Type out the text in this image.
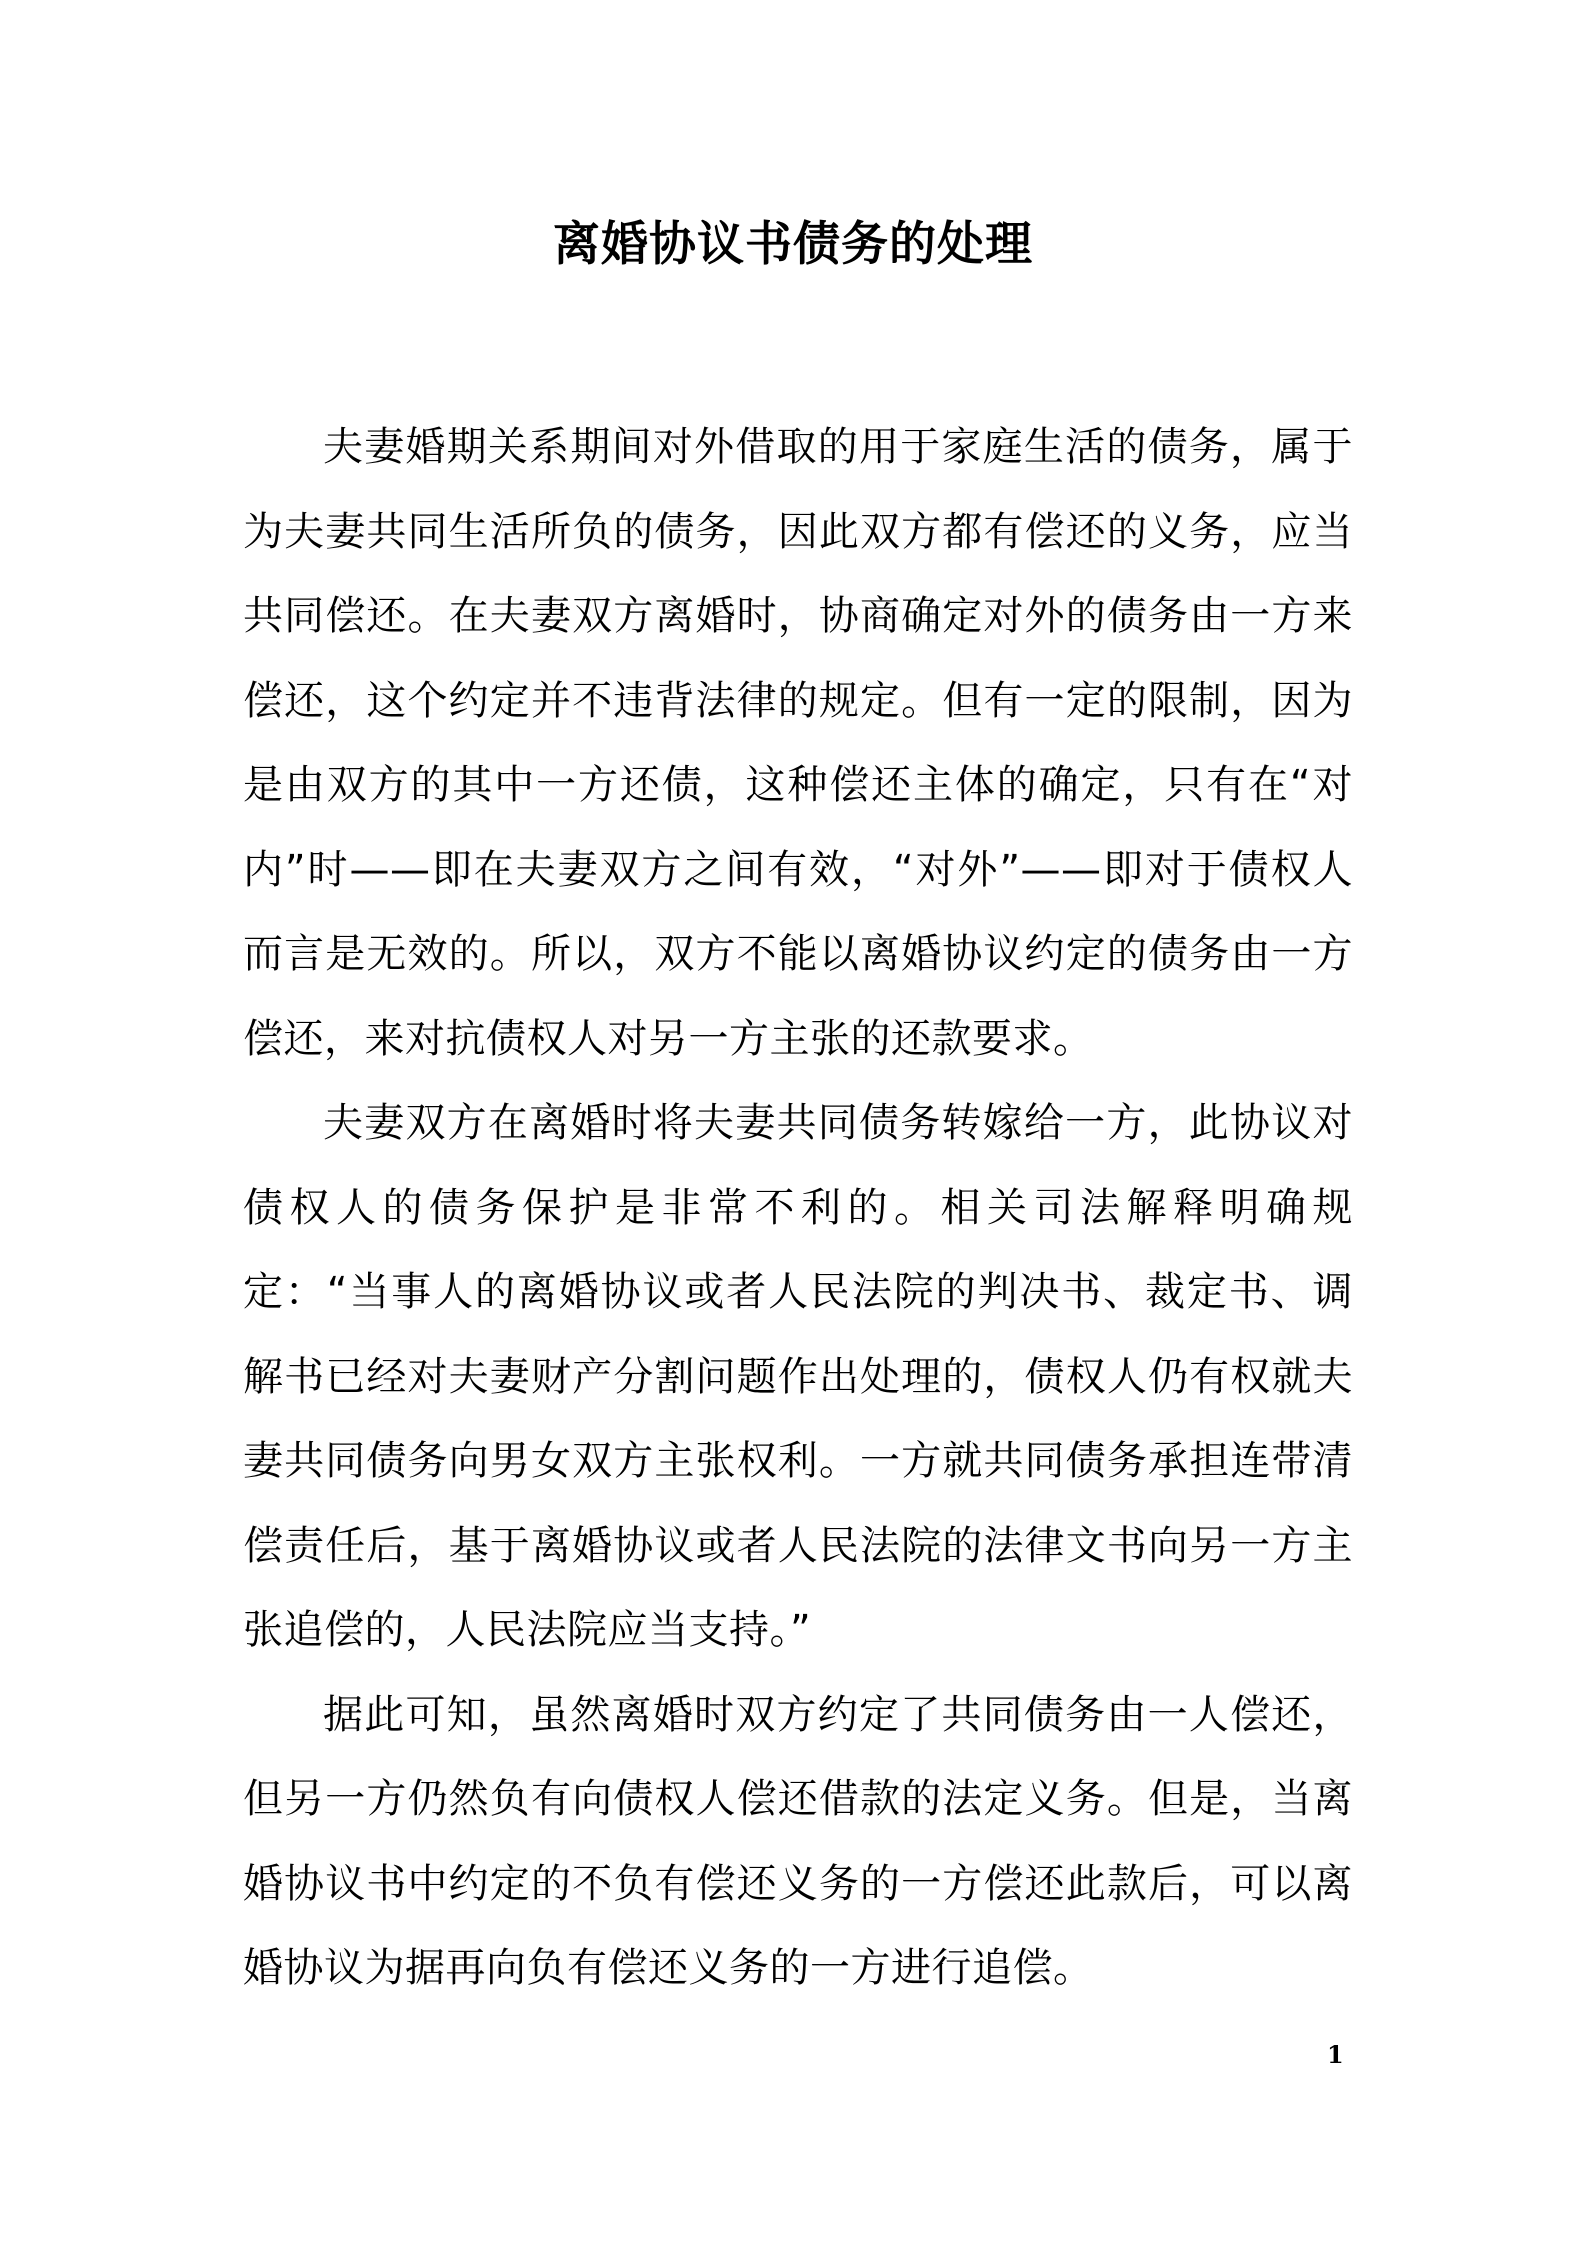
离婚协议书债务的处理

夫妻婚期关系期间对外借取的用于家庭生活的债务，属于为夫妻共同生活所负的债务，因此双方都有偿还的义务，应当共同偿还。在夫妻双方离婚时，协商确定对外的债务由一方来偿还，这个约定并不违背法律的规定。但有一定的限制，因为是由双方的其中一方还债，这种偿还主体的确定，只有在“对内”时——即在夫妻双方之间有效，“对外”——即对于债权人而言是无效的。所以，双方不能以离婚协议约定的债务由一方偿还，来对抗债权人对另一方主张的还款要求。

夫妻双方在离婚时将夫妻共同债务转嫁给一方，此协议对债权人的债务保护是非常不利的。相关司法解释明确规定：“当事人的离婚协议或者人民法院的判决书、裁定书、调解书已经对夫妻财产分割问题作出处理的，债权人仍有权就夫妻共同债务向男女双方主张权利。一方就共同债务承担连带清偿责任后，基于离婚协议或者人民法院的法律文书向另一方主张追偿的，人民法院应当支持。”

据此可知，虽然离婚时双方约定了共同债务由一人偿还，但另一方仍然负有向债权人偿还借款的法定义务。但是，当离婚协议书中约定的不负有偿还义务的一方偿还此款后，可以离婚协议为据再向负有偿还义务的一方进行追偿。

1
